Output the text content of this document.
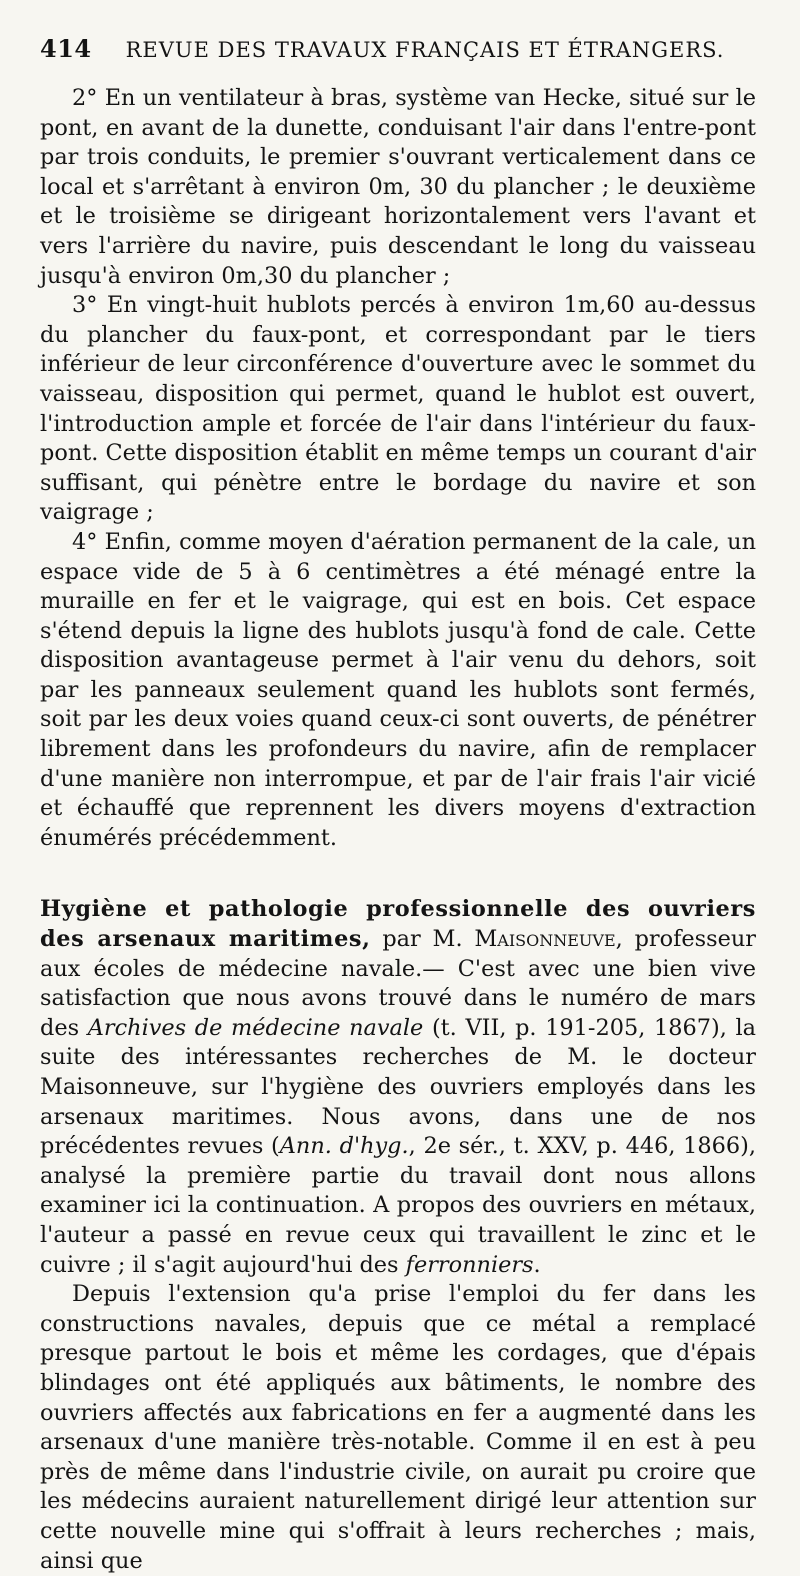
414 REVUE DES TRAVAUX FRANÇAIS ET ÉTRANGERS.

2° En un ventilateur à bras, système van Hecke, situé sur le pont, en avant de la dunette, conduisant l'air dans l'entre-pont par trois conduits, le premier s'ouvrant verticalement dans ce local et s'arrêtant à environ 0m, 30 du plancher ; le deuxième et le troisième se dirigeant horizontalement vers l'avant et vers l'arrière du navire, puis descendant le long du vaisseau jusqu'à environ 0m,30 du plancher ;

3° En vingt-huit hublots percés à environ 1m,60 au-dessus du plancher du faux-pont, et correspondant par le tiers inférieur de leur circonférence d'ouverture avec le sommet du vaisseau, disposition qui permet, quand le hublot est ouvert, l'introduction ample et forcée de l'air dans l'intérieur du faux-pont. Cette disposition établit en même temps un courant d'air suffisant, qui pénètre entre le bordage du navire et son vaigrage ;

4° Enfin, comme moyen d'aération permanent de la cale, un espace vide de 5 à 6 centimètres a été ménagé entre la muraille en fer et le vaigrage, qui est en bois. Cet espace s'étend depuis la ligne des hublots jusqu'à fond de cale. Cette disposition avantageuse permet à l'air venu du dehors, soit par les panneaux seulement quand les hublots sont fermés, soit par les deux voies quand ceux-ci sont ouverts, de pénétrer librement dans les profondeurs du navire, afin de remplacer d'une manière non interrompue, et par de l'air frais l'air vicié et échauffé que reprennent les divers moyens d'extraction énumérés précédemment.

Hygiène et pathologie professionnelle des ouvriers des arsenaux maritimes, par M. Maisonneuve, professeur aux écoles de médecine navale.— C'est avec une bien vive satisfaction que nous avons trouvé dans le numéro de mars des Archives de médecine navale (t. VII, p. 191-205, 1867), la suite des intéressantes recherches de M. le docteur Maisonneuve, sur l'hygiène des ouvriers employés dans les arsenaux maritimes. Nous avons, dans une de nos précédentes revues (Ann. d'hyg., 2e sér., t. XXV, p. 446, 1866), analysé la première partie du travail dont nous allons examiner ici la continuation. A propos des ouvriers en métaux, l'auteur a passé en revue ceux qui travaillent le zinc et le cuivre ; il s'agit aujourd'hui des ferronniers.

Depuis l'extension qu'a prise l'emploi du fer dans les constructions navales, depuis que ce métal a remplacé presque partout le bois et même les cordages, que d'épais blindages ont été appliqués aux bâtiments, le nombre des ouvriers affectés aux fabrications en fer a augmenté dans les arsenaux d'une manière très-notable. Comme il en est à peu près de même dans l'industrie civile, on aurait pu croire que les médecins auraient naturellement dirigé leur attention sur cette nouvelle mine qui s'offrait à leurs recherches ; mais, ainsi que
